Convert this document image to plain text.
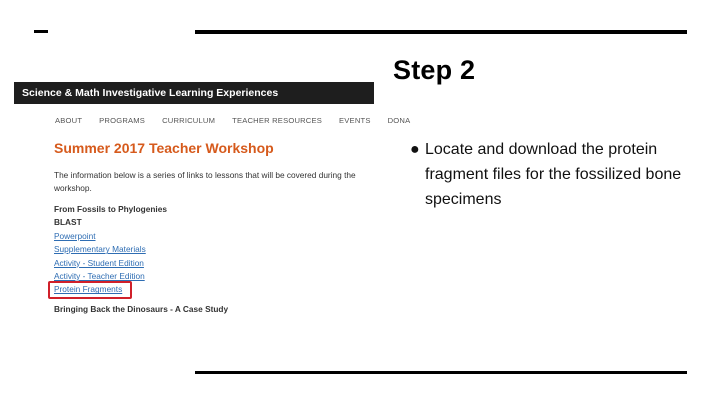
Step 2
● Locate and download the protein fragment files for the fossilized bone specimens
Science & Math Investigative Learning Experiences
ABOUT PROGRAMS CURRICULUM TEACHER RESOURCES EVENTS DONA
Summer 2017 Teacher Workshop
The information below is a series of links to lessons that will be covered during the workshop.
From Fossils to Phylogenies
BLAST
Powerpoint
Supplementary Materials
Activity - Student Edition
Activity - Teacher Edition
Protein Fragments
Bringing Back the Dinosaurs - A Case Study
